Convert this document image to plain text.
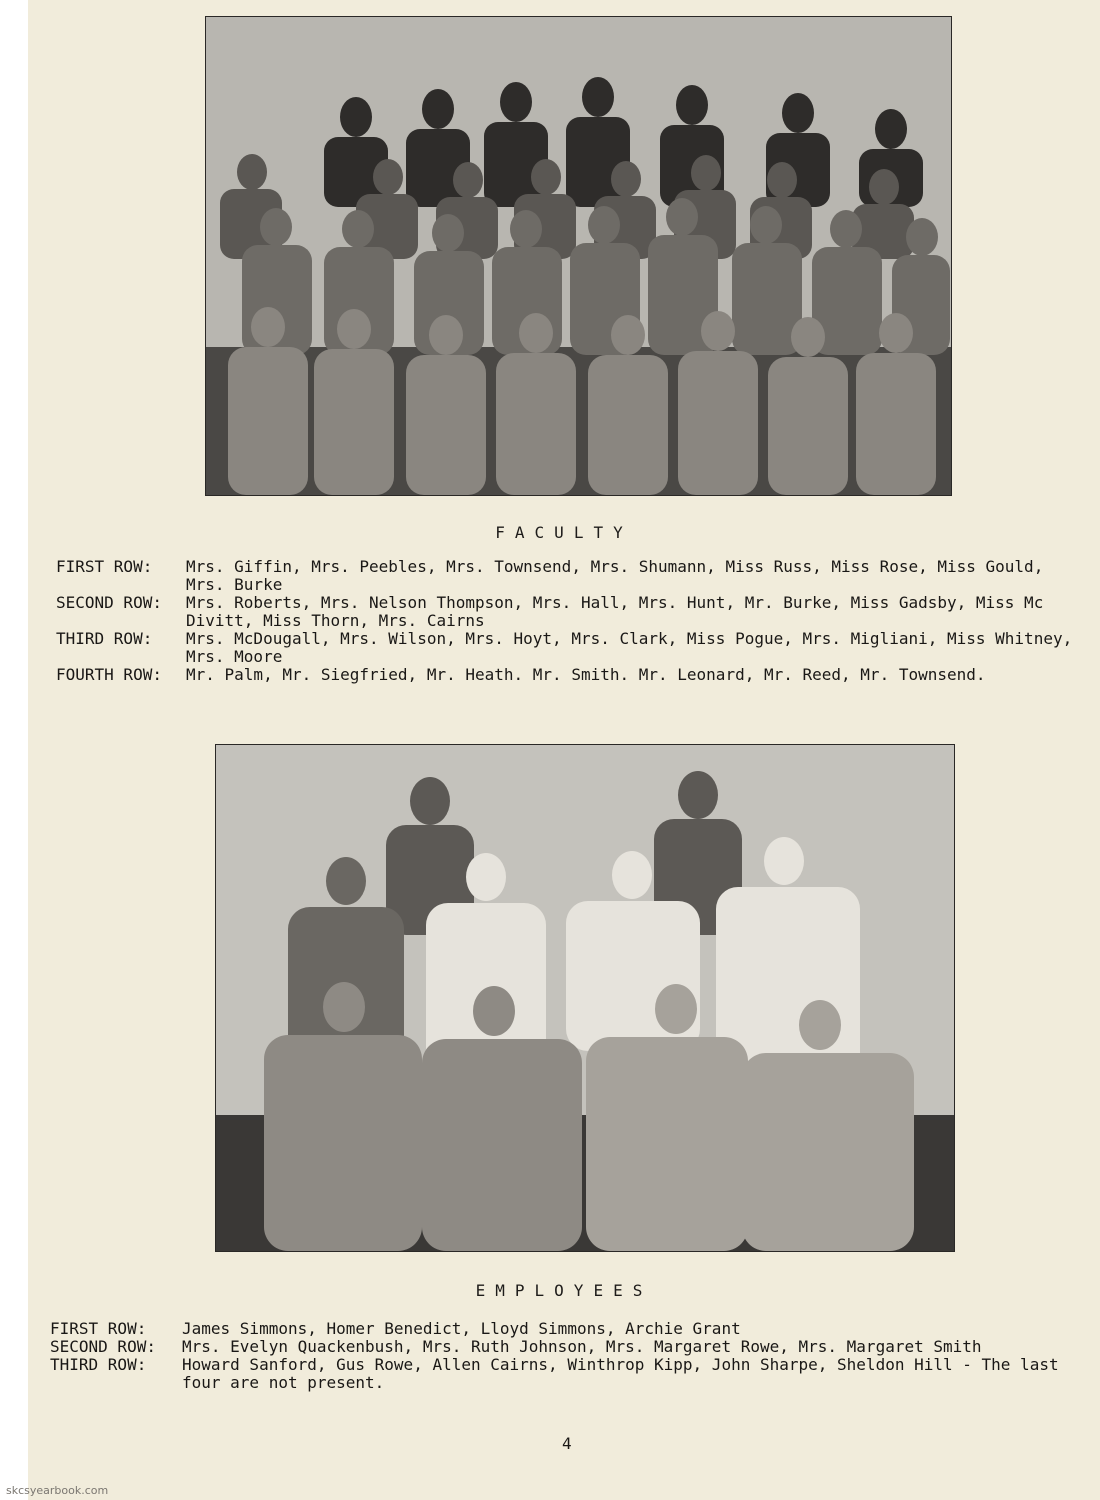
FACULTY
FIRST ROW:	Mrs. Giffin, Mrs. Peebles, Mrs. Townsend, Mrs. Shumann, Miss Russ, Miss Rose, Miss Gould, Mrs. Burke
SECOND ROW:	Mrs. Roberts, Mrs. Nelson Thompson, Mrs. Hall, Mrs. Hunt, Mr. Burke, Miss Gadsby, Miss Mc Divitt, Miss Thorn, Mrs. Cairns
THIRD ROW:	Mrs. McDougall, Mrs. Wilson, Mrs. Hoyt, Mrs. Clark, Miss Pogue, Mrs. Migliani, Miss Whitney, Mrs. Moore
FOURTH ROW:	Mr. Palm, Mr. Siegfried, Mr. Heath. Mr. Smith. Mr. Leonard, Mr. Reed, Mr. Townsend.
EMPLOYEES
FIRST ROW:	James Simmons, Homer Benedict, Lloyd Simmons, Archie Grant
SECOND ROW:	Mrs. Evelyn Quackenbush, Mrs. Ruth Johnson, Mrs. Margaret Rowe, Mrs. Margaret Smith
THIRD ROW:	Howard Sanford, Gus Rowe, Allen Cairns, Winthrop Kipp, John Sharpe, Sheldon Hill - The last four are not present.
4
skcsyearbook.com
